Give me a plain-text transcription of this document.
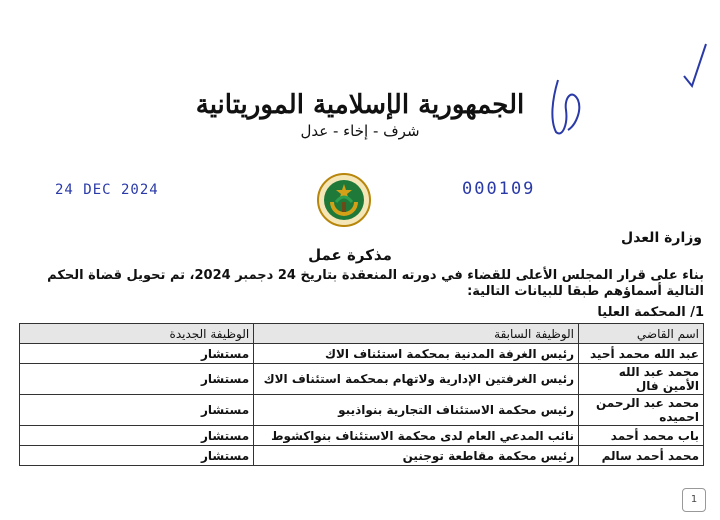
الجمهورية الإسلامية الموريتانية
شرف - إخاء - عدل
24 DEC 2024	000109
وزارة العدل
مذكرة عمل
بناء على قرار المجلس الأعلى للقضاء في دورته المنعقدة بتاريخ 24 دجمبر 2024، تم تحويل قضاة الحكم التالية أسماؤهم طبقا للبيانات التالية:
1/ المحكمة العليا
اسم القاضي	الوظيفة السابقة	الوظيفة الجديدة
عبد الله محمد أحيد	رئيس الغرفة المدنية بمحكمة استئناف الاك	مستشار
محمد عبد الله الأمين فال	رئيس الغرفتين الإدارية ولاتهام بمحكمة استئناف الاك	مستشار
محمد عبد الرحمن احميده	رئيس محكمة الاستئناف التجارية بنواذيبو	مستشار
باب محمد أحمد	نائب المدعي العام لدى محكمة الاستئناف بنواكشوط	مستشار
محمد أحمد سالم	رئيس محكمة مقاطعة توجنين	مستشار
1
